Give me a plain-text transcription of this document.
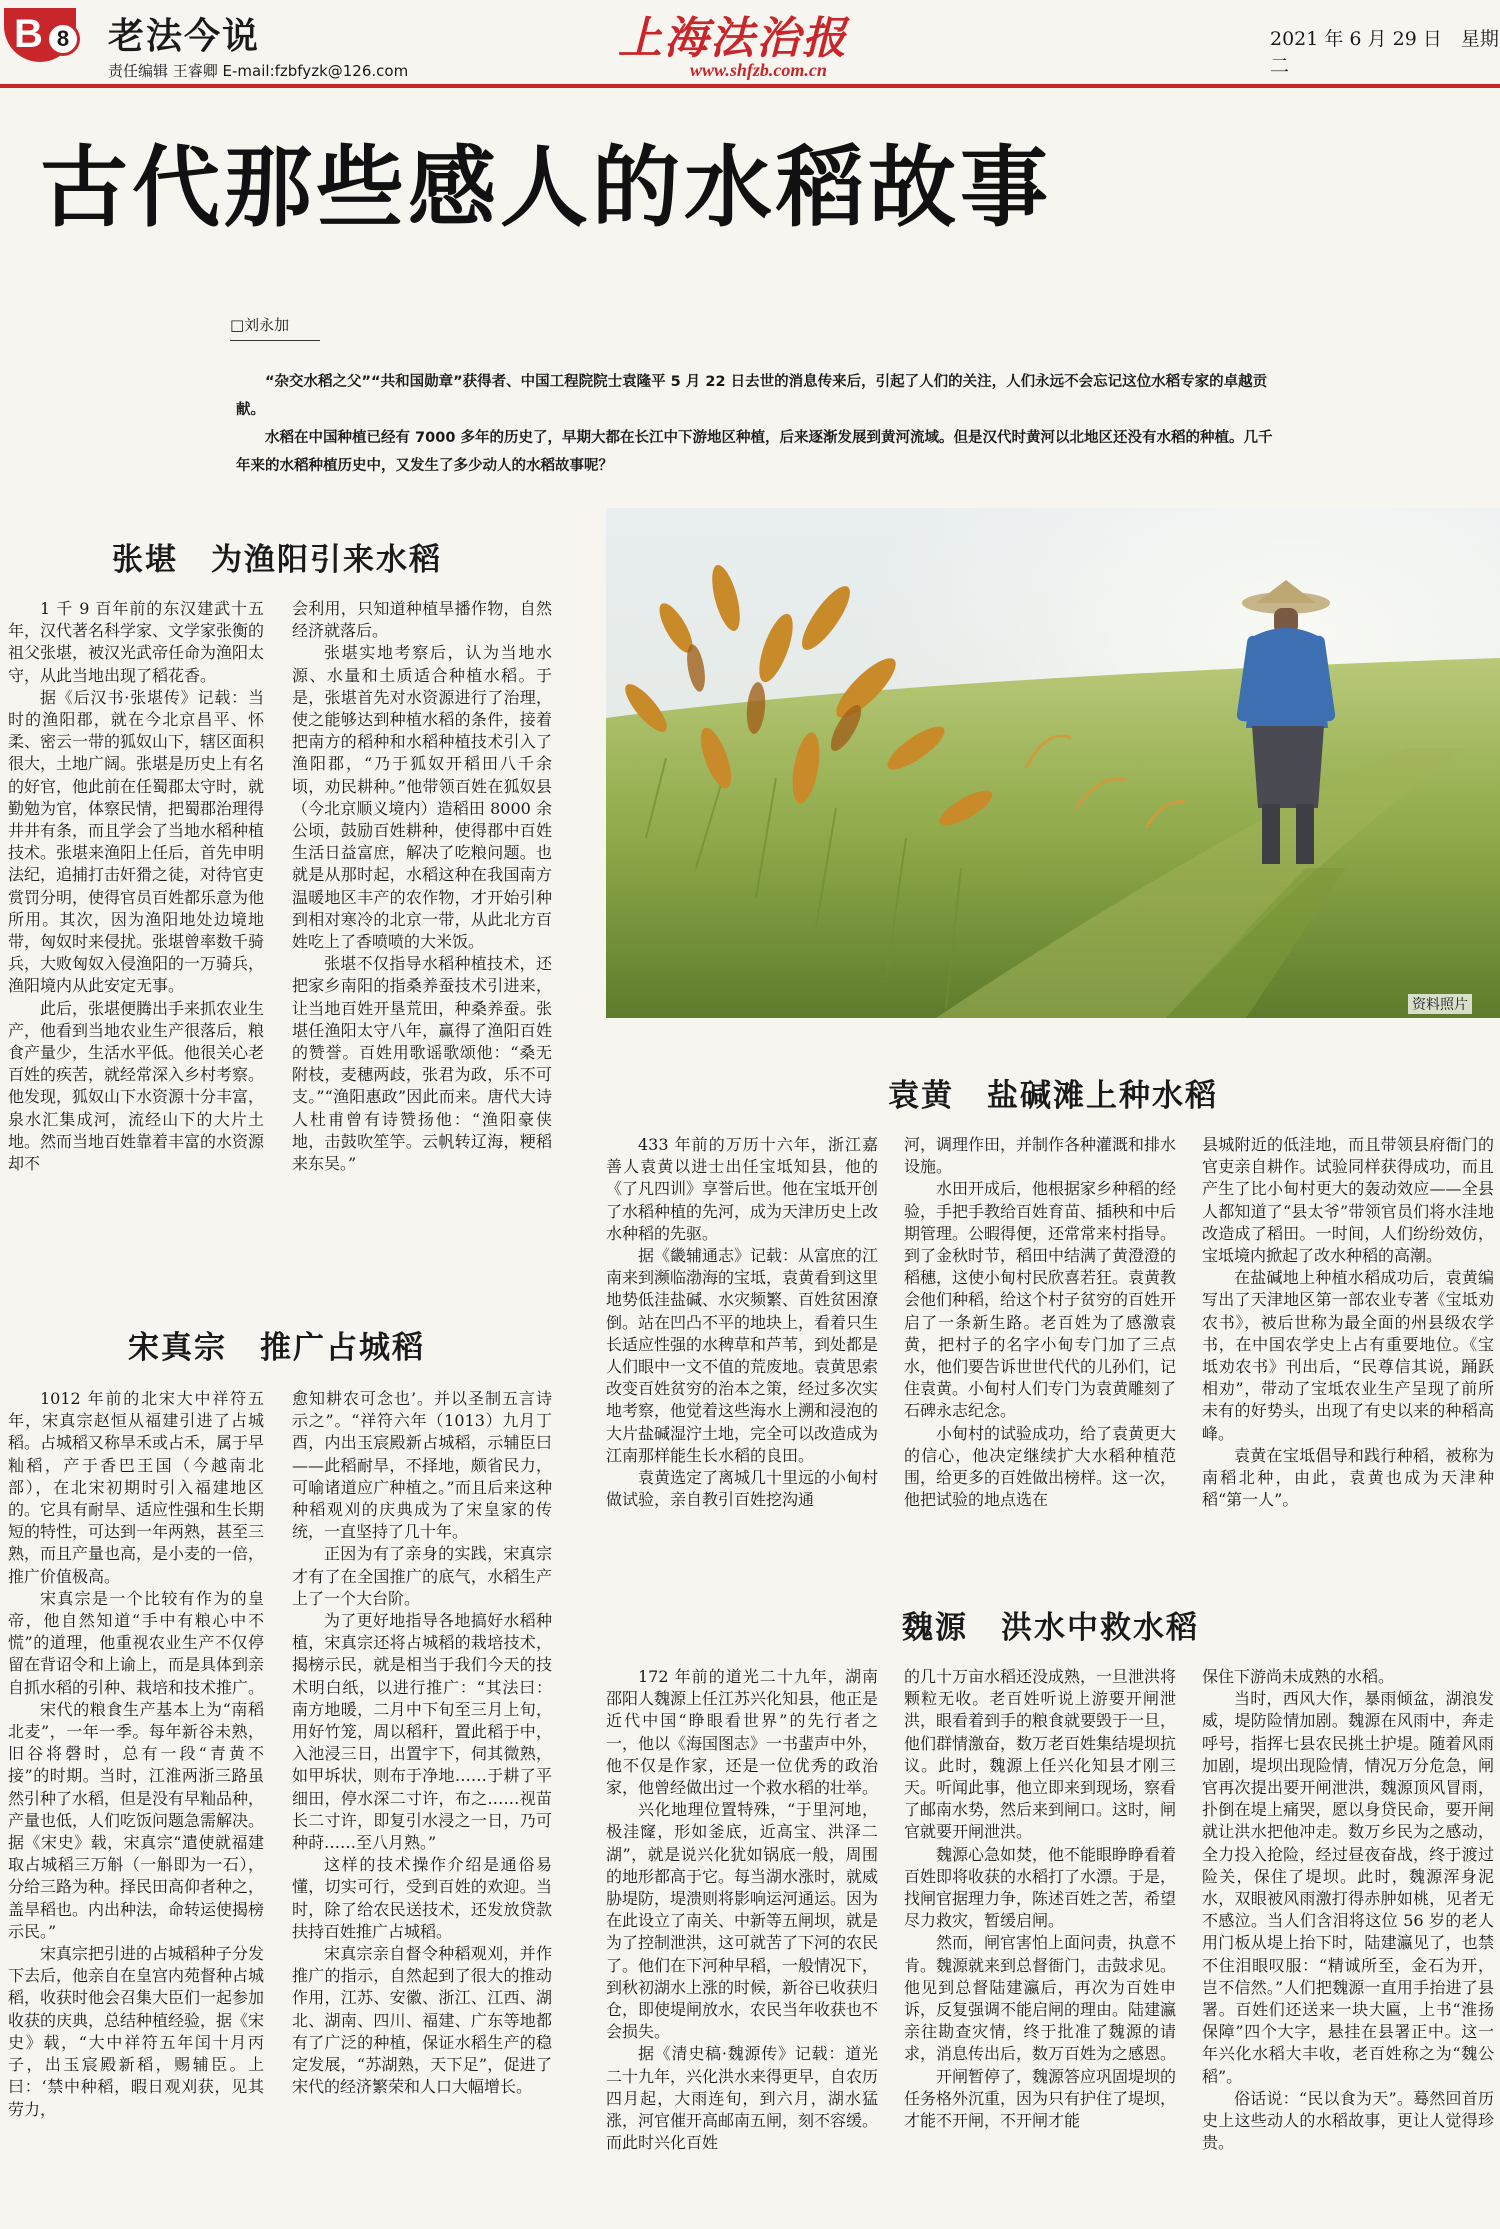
B 8	老法今说
责任编辑 王睿卿 E-mail:fzbfyzk@126.com
上海法治报
www.shfzb.com.cn
2021 年 6 月 29 日　星期二
古代那些感人的水稻故事
□刘永加

“杂交水稻之父”“共和国勋章”获得者、中国工程院院士袁隆平 5 月 22 日去世的消息传来后，引起了人们的关注，人们永远不会忘记这位水稻专家的卓越贡献。

水稻在中国种植已经有 7000 多年的历史了，早期大都在长江中下游地区种植，后来逐渐发展到黄河流域。但是汉代时黄河以北地区还没有水稻的种植。几千年来的水稻种植历史中，又发生了多少动人的水稻故事呢？

资料照片
张堪　为渔阳引来水稻

1 千 9 百年前的东汉建武十五年，汉代著名科学家、文学家张衡的祖父张堪，被汉光武帝任命为渔阳太守，从此当地出现了稻花香。

据《后汉书·张堪传》记载：当时的渔阳郡，就在今北京昌平、怀柔、密云一带的狐奴山下，辖区面积很大，土地广阔。张堪是历史上有名的好官，他此前在任蜀郡太守时，就勤勉为官，体察民情，把蜀郡治理得井井有条，而且学会了当地水稻种植技术。张堪来渔阳上任后，首先申明法纪，追捕打击奸猾之徒，对待官吏赏罚分明，使得官员百姓都乐意为他所用。其次，因为渔阳地处边境地带，匈奴时来侵扰。张堪曾率数千骑兵，大败匈奴入侵渔阳的一万骑兵，渔阳境内从此安定无事。

此后，张堪便腾出手来抓农业生产，他看到当地农业生产很落后，粮食产量少，生活水平低。他很关心老百姓的疾苦，就经常深入乡村考察。他发现，狐奴山下水资源十分丰富，泉水汇集成河，流经山下的大片土地。然而当地百姓靠着丰富的水资源却不

会利用，只知道种植旱播作物，自然经济就落后。

张堪实地考察后，认为当地水源、水量和土质适合种植水稻。于是，张堪首先对水资源进行了治理，使之能够达到种植水稻的条件，接着把南方的稻种和水稻种植技术引入了渔阳郡，“乃于狐奴开稻田八千余顷，劝民耕种。”他带领百姓在狐奴县（今北京顺义境内）造稻田 8000 余公顷，鼓励百姓耕种，使得郡中百姓生活日益富庶，解决了吃粮问题。也就是从那时起，水稻这种在我国南方温暖地区丰产的农作物，才开始引种到相对寒冷的北京一带，从此北方百姓吃上了香喷喷的大米饭。

张堪不仅指导水稻种植技术，还把家乡南阳的指桑养蚕技术引进来，让当地百姓开垦荒田，种桑养蚕。张堪任渔阳太守八年，赢得了渔阳百姓的赞誉。百姓用歌谣歌颂他：“桑无附枝，麦穗两歧，张君为政，乐不可支。”“渔阳惠政”因此而来。唐代大诗人杜甫曾有诗赞扬他：“渔阳豪侠地，击鼓吹笙竽。云帆转辽海，粳稻来东吴。”

宋真宗　推广占城稻

1012 年前的北宋大中祥符五年，宋真宗赵恒从福建引进了占城稻。占城稻又称旱禾或占禾，属于早籼稻，产于香巴王国（今越南北部），在北宋初期时引入福建地区的。它具有耐旱、适应性强和生长期短的特性，可达到一年两熟，甚至三熟，而且产量也高，是小麦的一倍，推广价值极高。

宋真宗是一个比较有作为的皇帝，他自然知道“手中有粮心中不慌”的道理，他重视农业生产不仅停留在背诏令和上谕上，而是具体到亲自抓水稻的引种、栽培和技术推广。

宋代的粮食生产基本上为“南稻北麦”，一年一季。每年新谷未熟，旧谷将磬时，总有一段“青黄不接”的时期。当时，江淮两浙三路虽然引种了水稻，但是没有早籼品种，产量也低，人们吃饭问题急需解决。据《宋史》载，宋真宗“遣使就福建取占城稻三万斛（一斛即为一石），分给三路为种。择民田高仰者种之，盖旱稻也。内出种法，命转运使揭榜示民。”

宋真宗把引进的占城稻种子分发下去后，他亲自在皇宫内苑督种占城稻，收获时他会召集大臣们一起参加收获的庆典，总结种植经验，据《宋史》载，“大中祥符五年闰十月丙子，出玉宸殿新稻，赐辅臣。上曰：‘禁中种稻，暇日观刈获，见其劳力，

愈知耕农可念也’。并以圣制五言诗示之”。“祥符六年（1013）九月丁酉，内出玉宸殿新占城稻，示辅臣曰——此稻耐旱，不择地，颇省民力，可喻诸道应广种植之。”而且后来这种种稻观刈的庆典成为了宋皇家的传统，一直坚持了几十年。

正因为有了亲身的实践，宋真宗才有了在全国推广的底气，水稻生产上了一个大台阶。

为了更好地指导各地搞好水稻种植，宋真宗还将占城稻的栽培技术，揭榜示民，就是相当于我们今天的技术明白纸，以进行推广：“其法曰：南方地暖，二月中下旬至三月上旬，用好竹笼，周以稻秆，置此稻于中，入池浸三日，出置宇下，伺其微熟，如甲坼状，则布于净地……于耕了平细田，停水深二寸许，布之……视苗长二寸许，即复引水浸之一日，乃可种莳……至八月熟。”

这样的技术操作介绍是通俗易懂，切实可行，受到百姓的欢迎。当时，除了给农民送技术，还发放贷款扶持百姓推广占城稻。

宋真宗亲自督令种稻观刈，并作推广的指示，自然起到了很大的推动作用，江苏、安徽、浙江、江西、湖北、湖南、四川、福建、广东等地都有了广泛的种植，保证水稻生产的稳定发展，“苏湖熟，天下足”，促进了宋代的经济繁荣和人口大幅增长。

袁黄　盐碱滩上种水稻

433 年前的万历十六年，浙江嘉善人袁黄以进士出任宝坻知县，他的《了凡四训》享誉后世。他在宝坻开创了水稻种植的先河，成为天津历史上改水种稻的先驱。

据《畿辅通志》记载：从富庶的江南来到濒临渤海的宝坻，袁黄看到这里地势低洼盐碱、水灾频繁、百姓贫困潦倒。站在凹凸不平的地块上，看着只生长适应性强的水稗草和芦苇，到处都是人们眼中一文不值的荒废地。袁黄思索改变百姓贫穷的治本之策，经过多次实地考察，他觉着这些海水上溯和浸泡的大片盐碱湿泞土地，完全可以改造成为江南那样能生长水稻的良田。

袁黄选定了离城几十里远的小甸村做试验，亲自教引百姓挖沟通

河，调理作田，并制作各种灌溉和排水设施。

水田开成后，他根据家乡种稻的经验，手把手教给百姓育苗、插秧和中后期管理。公暇得便，还常常来村指导。到了金秋时节，稻田中结满了黄澄澄的稻穗，这使小甸村民欣喜若狂。袁黄教会他们种稻，给这个村子贫穷的百姓开启了一条新生路。老百姓为了感激袁黄，把村子的名字小甸专门加了三点水，他们要告诉世世代代的儿孙们，记住袁黄。小甸村人们专门为袁黄雕刻了石碑永志纪念。

小甸村的试验成功，给了袁黄更大的信心，他决定继续扩大水稻种植范围，给更多的百姓做出榜样。这一次，他把试验的地点选在

县城附近的低洼地，而且带领县府衙门的官吏亲自耕作。试验同样获得成功，而且产生了比小甸村更大的轰动效应——全县人都知道了“县太爷”带领官员们将水洼地改造成了稻田。一时间，人们纷纷效仿，宝坻境内掀起了改水种稻的高潮。

在盐碱地上种植水稻成功后，袁黄编写出了天津地区第一部农业专著《宝坻劝农书》，被后世称为最全面的州县级农学书，在中国农学史上占有重要地位。《宝坻劝农书》刊出后，“民尊信其说，踊跃相劝”，带动了宝坻农业生产呈现了前所未有的好势头，出现了有史以来的种稻高峰。

袁黄在宝坻倡导和践行种稻，被称为南稻北种，由此，袁黄也成为天津种稻“第一人”。

魏源　洪水中救水稻

172 年前的道光二十九年，湖南邵阳人魏源上任江苏兴化知县，他正是近代中国“睁眼看世界”的先行者之一，他以《海国图志》一书蜚声中外，他不仅是作家，还是一位优秀的政治家，他曾经做出过一个救水稻的壮举。

兴化地理位置特殊，“于里河地，极洼窿，形如釜底，近高宝、洪泽二湖”，就是说兴化犹如锅底一般，周围的地形都高于它。每当湖水涨时，就威胁堤防，堤溃则将影响运河通运。因为在此设立了南关、中新等五闸坝，就是为了控制泄洪，这可就苦了下河的农民了。他们在下河种早稻，一般情况下，到秋初湖水上涨的时候，新谷已收获归仓，即使堤闸放水，农民当年收获也不会损失。

据《清史稿·魏源传》记载：道光二十九年，兴化洪水来得更早，自农历四月起，大雨连旬，到六月，湖水猛涨，河官催开高邮南五闸，刻不容缓。而此时兴化百姓

的几十万亩水稻还没成熟，一旦泄洪将颗粒无收。老百姓听说上游要开闸泄洪，眼看着到手的粮食就要毁于一旦，他们群情激奋，数万老百姓集结堤坝抗议。此时，魏源上任兴化知县才刚三天。听闻此事，他立即来到现场，察看了邮南水势，然后来到闸口。这时，闸官就要开闸泄洪。

魏源心急如焚，他不能眼睁睁看着百姓即将收获的水稻打了水漂。于是，找闸官据理力争，陈述百姓之苦，希望尽力救灾，暂缓启闸。

然而，闸官害怕上面问责，执意不肯。魏源就来到总督衙门，击鼓求见。他见到总督陆建瀛后，再次为百姓申诉，反复强调不能启闸的理由。陆建瀛亲往勘查灾情，终于批准了魏源的请求，消息传出后，数万百姓为之感恩。

开闸暂停了，魏源答应巩固堤坝的任务格外沉重，因为只有护住了堤坝，才能不开闸，不开闸才能

保住下游尚未成熟的水稻。

当时，西风大作，暴雨倾盆，湖浪发威，堤防险情加剧。魏源在风雨中，奔走呼号，指挥七县农民挑土护堤。随着风雨加剧，堤坝出现险情，情况万分危急，闸官再次提出要开闸泄洪，魏源顶风冒雨，扑倒在堤上痛哭，愿以身贷民命，要开闸就让洪水把他冲走。数万乡民为之感动，全力投入抢险，经过昼夜奋战，终于渡过险关，保住了堤坝。此时，魏源浑身泥水，双眼被风雨激打得赤肿如桃，见者无不感泣。当人们含泪将这位 56 岁的老人用门板从堤上抬下时，陆建瀛见了，也禁不住泪眼叹服：“精诚所至，金石为开，岂不信然。”人们把魏源一直用手抬进了县署。百姓们还送来一块大匾，上书“淮扬保障”四个大字，悬挂在县署正中。这一年兴化水稻大丰收，老百姓称之为“魏公稻”。

俗话说：“民以食为天”。蓦然回首历史上这些动人的水稻故事，更让人觉得珍贵。
